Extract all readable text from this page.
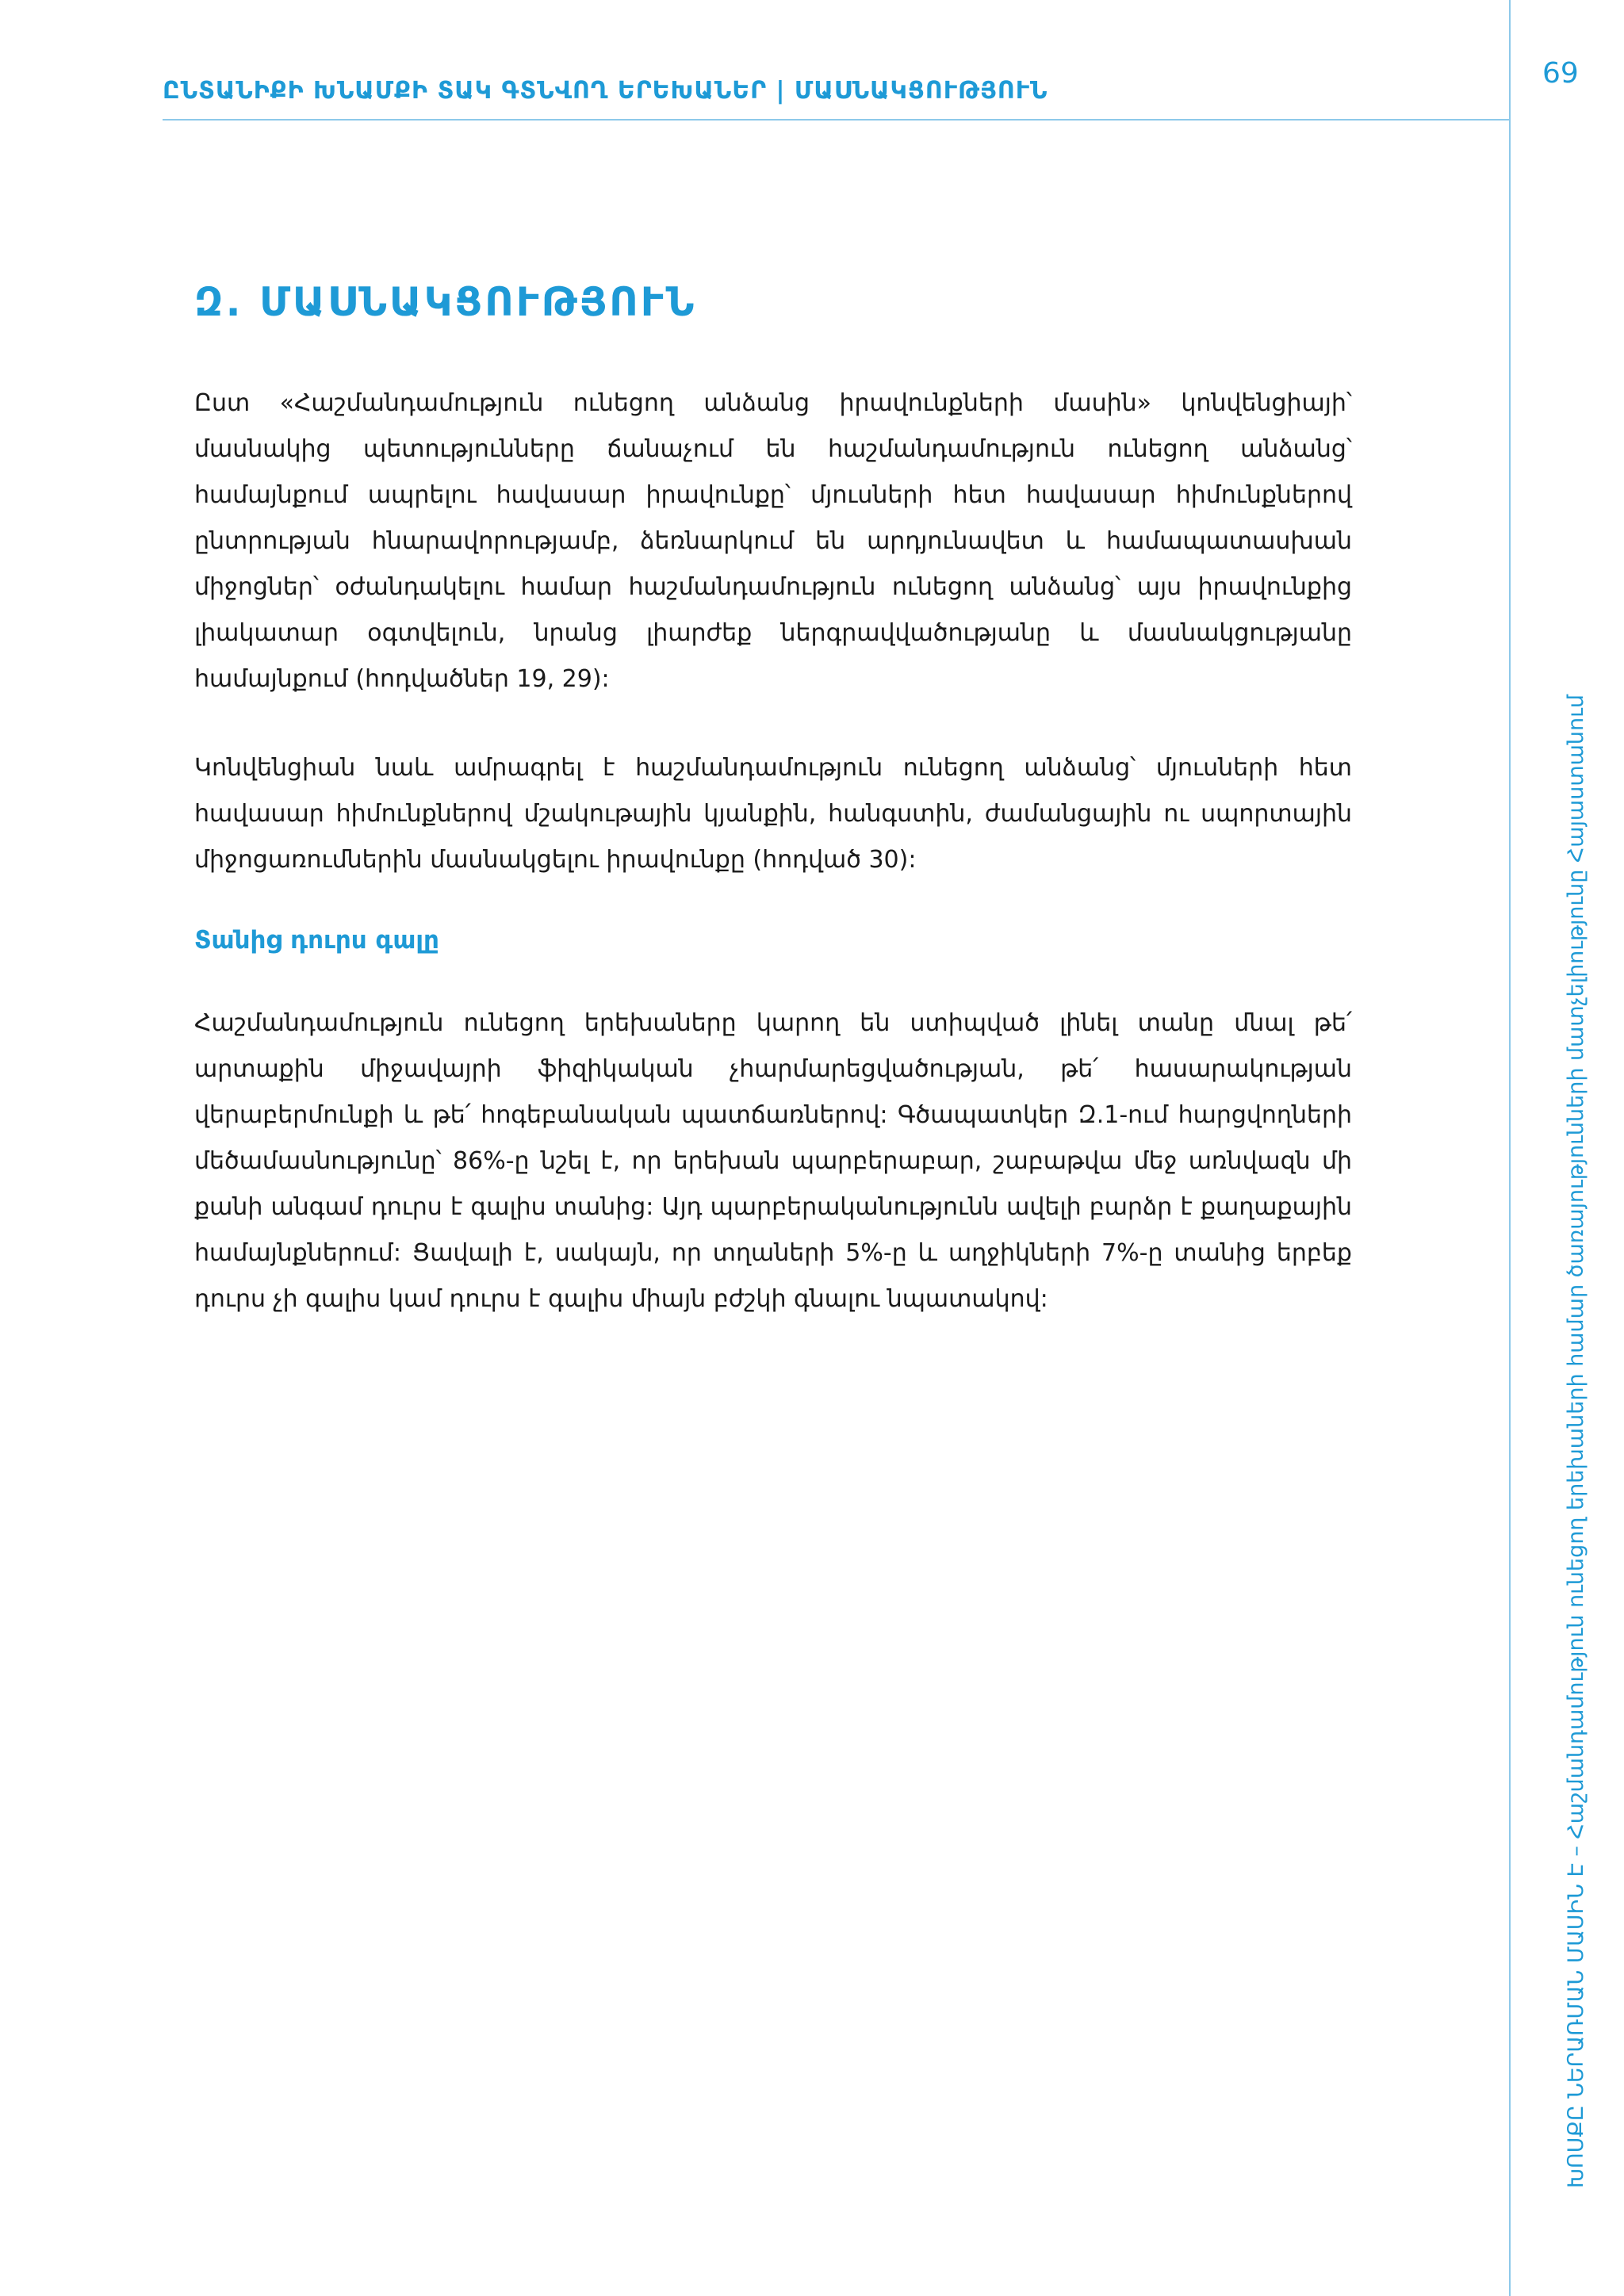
ԸՆՏԱՆԻՔԻ ԽՆԱՄՔԻ ՏԱԿ ԳՏՆՎՈՂ ԵՐԵԽԱՆԵՐ | ՄԱՍՆԱԿՑՈՒԹՅՈՒՆ
69
ԽՈՍՔԸ ՆԵՐԱՌՄԱՆ ՄԱՍԻՆ Է – Հաշմանդամություն ունեցող երեխաների համար ծառայությունների մատչելիությունը Հայաստանում
Զ. ՄԱՍՆԱԿՑՈՒԹՅՈՒՆ

Ըստ «Հաշմանդամություն ունեցող անձանց իրավունքների մասին» կոնվենցիայի՝ մասնակից պետությունները ճանաչում են հաշմանդամություն ունեցող անձանց՝ համայնքում ապրելու հավասար իրավունքը՝ մյուսների հետ հավասար հիմունքներով ընտրության հնարավորությամբ, ձեռնարկում են արդյունավետ և համապատասխան միջոցներ՝ օժանդակելու համար հաշմանդամություն ունեցող անձանց՝ այս իրավունքից լիակատար օգտվելուն, նրանց լիարժեք ներգրավվածությանը և մասնակցությանը համայնքում (հոդվածներ 19, 29):

Կոնվենցիան նաև ամրագրել է հաշմանդամություն ունեցող անձանց՝ մյուսների հետ հավասար հիմունքներով մշակութային կյանքին, հանգստին, ժամանցային ու սպորտային միջոցառումներին մասնակցելու իրավունքը (հոդված 30):

Տանից դուրս գալը

Հաշմանդամություն ունեցող երեխաները կարող են ստիպված լինել տանը մնալ թե՛ արտաքին միջավայրի ֆիզիկական չհարմարեցվածության, թե՛ հասարակության վերաբերմունքի և թե՛ հոգեբանական պատճառներով: Գծապատկեր Զ.1-ում հարցվողների մեծամասնությունը՝ 86%-ը նշել է, որ երեխան պարբերաբար, շաբաթվա մեջ առնվազն մի քանի անգամ դուրս է գալիս տանից: Այդ պարբերականությունն ավելի բարձր է քաղաքային համայնքներում: Ցավալի է, սակայն, որ տղաների 5%-ը և աղջիկների 7%-ը տանից երբեք դուրս չի գալիս կամ դուրս է գալիս միայն բժշկի գնալու նպատակով:
